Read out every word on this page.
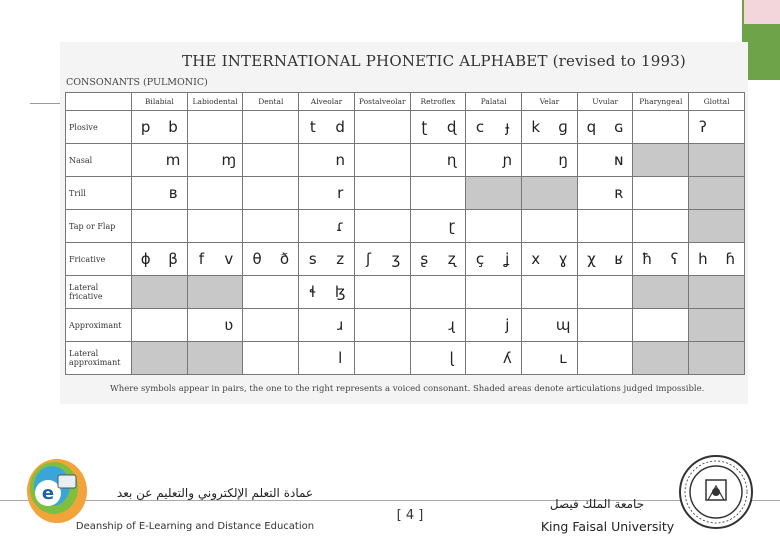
THE INTERNATIONAL PHONETIC ALPHABET (revised to 1993)
CONSONANTS (PULMONIC)
	Bilabial	Labiodental	Dental	Alveolar	Postalveolar	Retroflex	Palatal	Velar	Uvular	Pharyngeal	Glottal
Plosive	p b			t d		ʈ ɖ	c ɟ	k ɡ	q ɢ		ʔ

Nasal	m	ɱ		n		ɳ	ɲ	ŋ	ɴ		

Trill	ʙ			r					ʀ		

Tap or Flap				ɾ		ɽ					

Fricative	ɸ β	f v	θ ð	s z	ʃ ʒ	ʂ ʐ	ç ʝ	x ɣ	χ ʁ	ħ ʕ	h ɦ

Lateral fricative				ɬ ɮ							

Approximant		ʋ		ɹ		ɻ	j	ɰ			

Lateral approximant				l		ɭ	ʎ	ʟ			

Where symbols appear in pairs, the one to the right represents a voiced consonant. Shaded areas denote articulations judged impossible.
e	عمادة التعلم الإلكتروني والتعليم عن بعد
Deanship of E-Learning and Distance Education
[ 4 ]
جامعة الملك فيصل
King Faisal University
